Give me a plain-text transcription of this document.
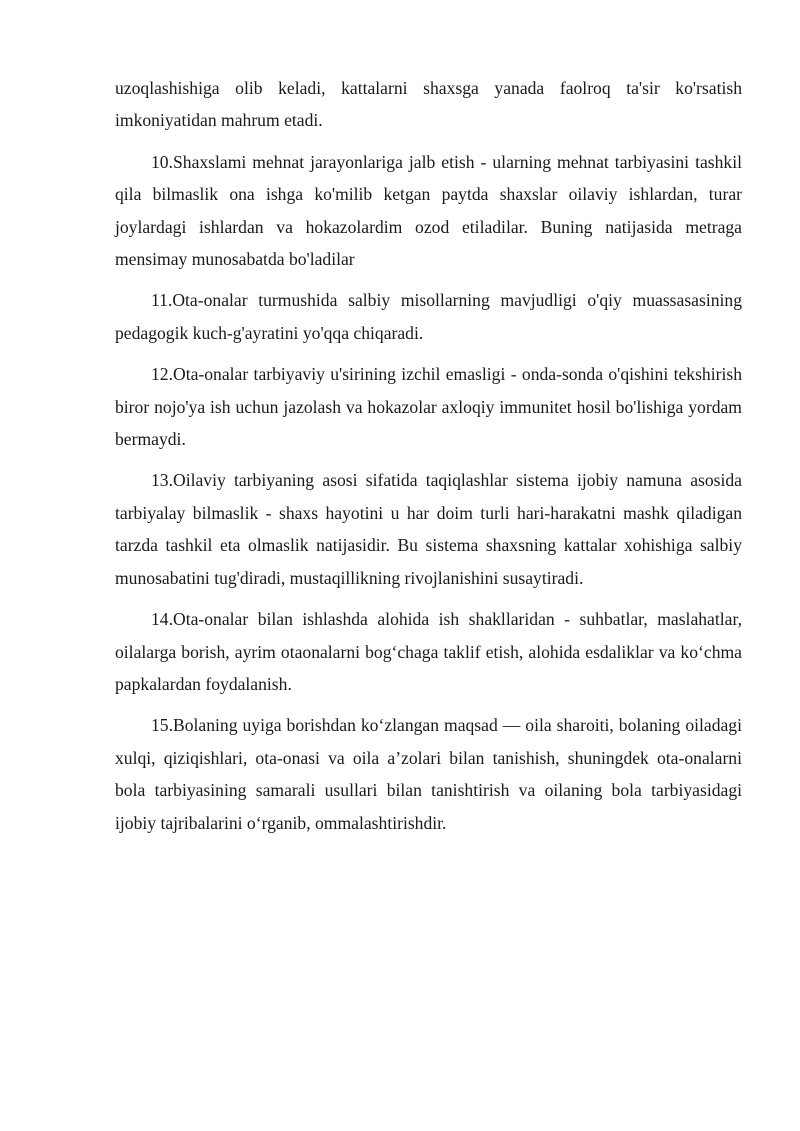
uzoqlashishiga olib keladi, kattalarni shaxsga yanada faolroq ta'sir ko'rsatish imkoniyatidan mahrum etadi.

10.Shaxslami mehnat jarayonlariga jalb etish - ularning mehnat tarbiyasini tashkil qila bilmaslik ona ishga ko'milib ketgan paytda shaxslar oilaviy ishlardan, turar joylardagi ishlardan va hokazolardim ozod etiladilar. Buning natijasida metraga mensimay munosabatda bo'ladilar

11.Ota-onalar turmushida salbiy misollarning mavjudligi o'qiy muassasasining pedagogik kuch-g'ayratini yo'qqa chiqaradi.

12.Ota-onalar tarbiyaviy u'sirining izchil emasligi - onda-sonda o'qishini tekshirish biror nojo'ya ish uchun jazolash va hokazolar axloqiy immunitet hosil bo'lishiga yordam bermaydi.

13.Oilaviy tarbiyaning asosi sifatida taqiqlashlar sistema ijobiy namuna asosida tarbiyalay bilmaslik - shaxs hayotini u har doim turli hari-harakatni mashk qiladigan tarzda tashkil eta olmaslik natijasidir. Bu sistema shaxsning kattalar xohishiga salbiy munosabatini tug'diradi, mustaqillikning rivojlanishini susaytiradi.

14.Ota-onalar bilan ishlashda alohida ish shakllaridan - suhbatlar, maslahatlar, oilalarga borish, ayrim otaonalarni bog‘chaga taklif etish, alohida esdaliklar va ko‘chma papkalardan foydalanish.

15.Bolaning uyiga borishdan ko‘zlangan maqsad — oila sharoiti, bolaning oiladagi xulqi, qiziqishlari, ota-onasi va oila a’zolari bilan tanishish, shuningdek ota-onalarni bola tarbiyasining samarali usullari bilan tanishtirish va oilaning bola tarbiyasidagi ijobiy tajribalarini o‘rganib, ommalashtirishdir.
